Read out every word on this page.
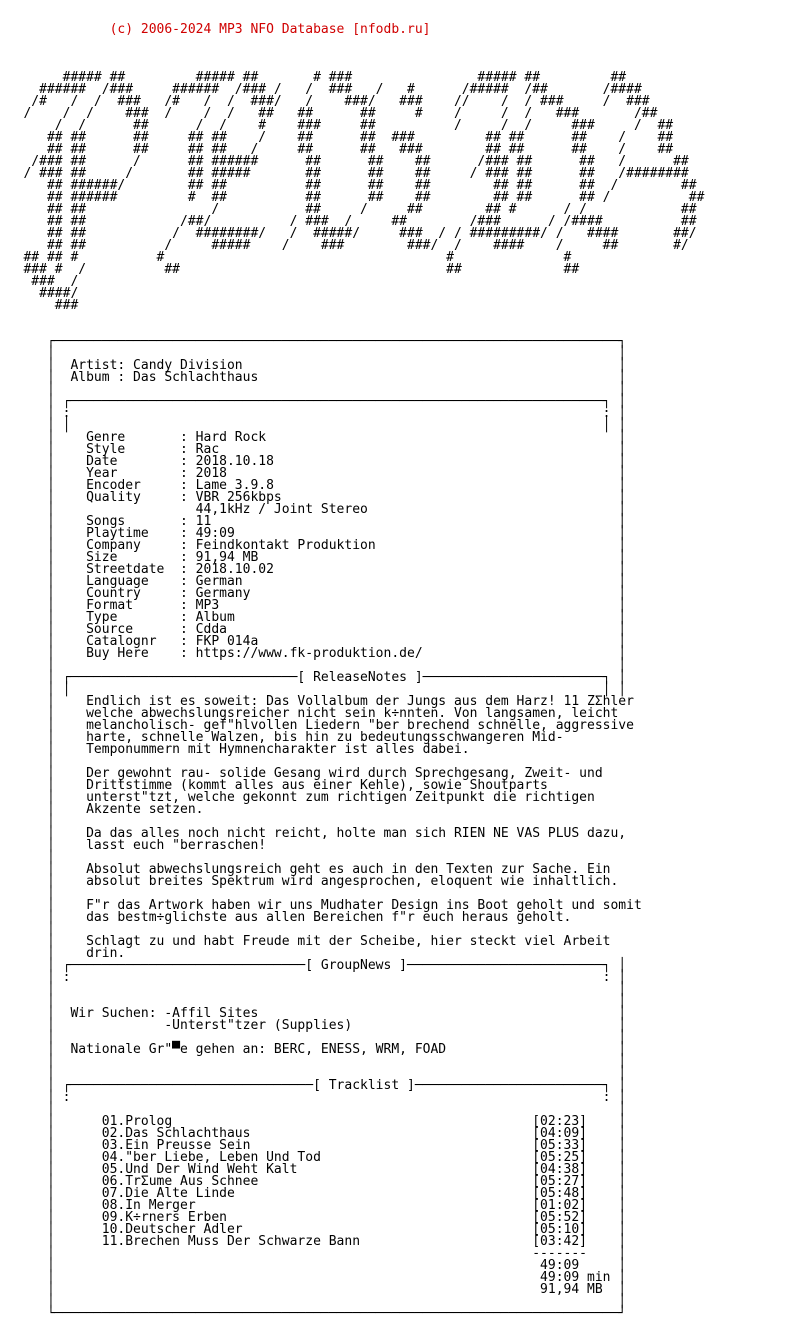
(c) 2006-2024 MP3 NFO Database [nfodb.ru]

##### ##         ##### ##       # ###                ##### ##         ##
######  /###     ######  /### /   /  ###   /   #      /#####  /##       /####
/#   /  /  ###   /#   /  /  ###/   /    ###/   ###    //    /  / ###     /  ###
/    /  /    ###  /    /  /   ##   ##      ##     #    /     /  /   ###       /##
/  /      ##      /  /    #    ###     ##          /     /  /     ###     /  ##
## ##      ##     ## ##    /    ##      ##  ###         ## ##      ##    /    ##
## ##      ##     ## ##   /     ##      ##   ###        ## ##      ##    /    ##
/### ##      /      ## ######      ##      ##    ##      /### ##      ##   /      ##
/ ### ##     /       ## #####       ##      ##    ##     / ### ##      ##   /########
## ######/        ## ##          ##      ##    ##        ## ##      ##  /        ##
## ######         #  ##          ##      ##    ##        ## ##      ## /          ##
## ##                /           ##     /     ##        ## #      / /            ##
## ##            /##/          / ###  /     ##        /###      / /####          ##
## ##           /  ########/   /  #####/     ###  / / #########/ /   ####       ##/
## ##          /     #####    /    ###        ###/  /    ####    /     ##       #/
## ## #          #                                    #              #
### #  /          ##                                  ##             ##
###  /
####/
###
┌────────────────────────────────────────────────────────────────────────┐
│                                                                        │
│  Artist: Candy Division                                                │
│  Album : Das Schlachthaus                                              │
│                                                                        │
│ ┌────────────────────────────────────────────────────────────────────┐ │
│ :                                                                    : │
│ │                                                                    │ │
│    Genre       : Hard Rock                                             │
│    Style       : Rac                                                   │
│    Date        : 2018.10.18                                            │
│    Year        : 2018                                                  │
│    Encoder     : Lame 3.9.8                                            │
│    Quality     : VBR 256kbps                                           │
│                  44,1kHz / Joint Stereo                                │
│    Songs       : 11                                                    │
│    Playtime    : 49:09                                                 │
│    Company     : Feindkontakt Produktion                               │
│    Size        : 91,94 MB                                              │
│    Streetdate  : 2018.10.02                                            │
│    Language    : German                                                │
│    Country     : Germany                                               │
│    Format      : MP3                                                   │
│    Type        : Album                                                 │
│    Source      : Cdda                                                  │
│    Catalognr   : FKP 014a                                              │
│    Buy Here    : https://www.fk-produktion.de/                         │
│                                                                        │
│ ┌─────────────────────────────[ ReleaseNotes ]───────────────────────┐ │
│ │                                                                    │ │
│    Endlich ist es soweit: Das Vollalbum der Jungs aus dem Harz! 11 ZΣhler
│    welche abwechslungsreicher nicht sein k÷nnten. Von langsamen, leicht
│    melancholisch- gef"hlvollen Liedern "ber brechend schnelle, aggressive
│    harte, schnelle Walzen, bis hin zu bedeutungsschwangeren Mid-
│    Temponummern mit Hymnencharakter ist alles dabei.
│
│    Der gewohnt rau- solide Gesang wird durch Sprechgesang, Zweit- und
│    Drittstimme (kommt alles aus einer Kehle), sowie Shoutparts
│    unterst"tzt, welche gekonnt zum richtigen Zeitpunkt die richtigen
│    Akzente setzen.
│
│    Da das alles noch nicht reicht, holte man sich RIEN NE VAS PLUS dazu,
│    lasst euch "berraschen!
│
│    Absolut abwechslungsreich geht es auch in den Texten zur Sache. Ein
│    absolut breites Spektrum wird angesprochen, eloquent wie inhaltlich.
│
│    F"r das Artwork haben wir uns Mudhater Design ins Boot geholt und somit
│    das bestm÷glichste aus allen Bereichen f"r euch heraus geholt.
│
│    Schlagt zu und habt Freude mit der Scheibe, hier steckt viel Arbeit
│    drin.
│ ┌──────────────────────────────[ GroupNews ]─────────────────────────┐ │
│ :                                                                    : │
│                                                                        │
│                                                                        │
│  Wir Suchen: -Affil Sites                                              │
│              -Unterst"tzer (Supplies)                                  │
│                                                                        │
│  Nationale Gr"▀e gehen an: BERC, ENESS, WRM, FOAD                      │
│                                                                        │
│                                                                        │
│ ┌───────────────────────────────[ Tracklist ]────────────────────────┐ │
│ :                                                                    : │
│                                                                        │
│      01.Prolog                                              [02:23]    │
│      02.Das Schlachthaus                                    [04:09]    │
│      03.Ein Preusse Sein                                    [05:33]    │
│      04."ber Liebe, Leben Und Tod                           [05:25]    │
│      05.Und Der Wind Weht Kalt                              [04:38]    │
│      06.TrΣume Aus Schnee                                   [05:27]    │
│      07.Die Alte Linde                                      [05:48]    │
│      08.In Merger                                           [01:02]    │
│      09.K÷rners Erben                                       [05:52]    │
│      10.Deutscher Adler                                     [05:10]    │
│      11.Brechen Muss Der Schwarze Bann                      [03:42]    │
│                                                             -------    │
│                                                              49:09     │
│                                                              49:09 min │
│                                                              91,94 MB  │
│                                                                        │
└────────────────────────────────────────────────────────────────────────┘
